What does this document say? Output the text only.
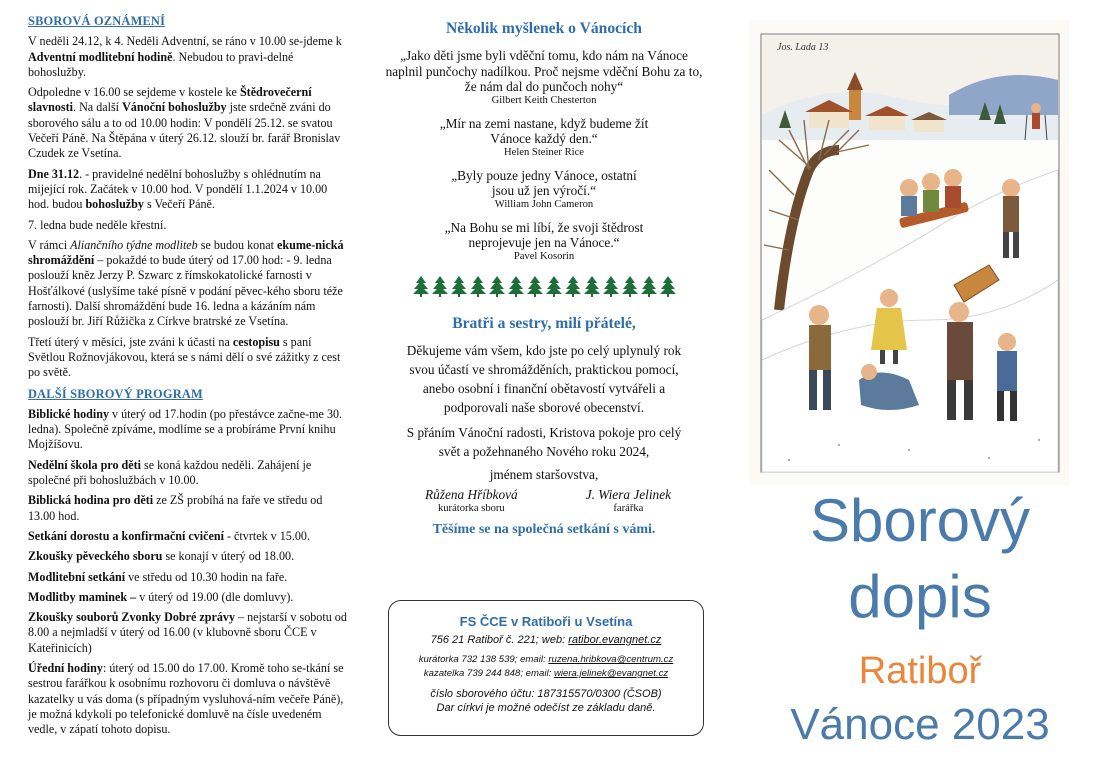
SBOROVÁ OZNÁMENÍ

V neděli 24.12, k 4. Neděli Adventní, se ráno v 10.00 se-jdeme k Adventní modlitební hodině. Nebudou to pravi-delné bohoslužby.

Odpoledne v 16.00 se sejdeme v kostele ke Štědrovečerní slavnosti. Na další Vánoční bohoslužby jste srdečně zváni do sborového sálu a to od 10.00 hodin: V pondělí 25.12. se svatou Večeří Páně. Na Štěpána v úterý 26.12. slouží br. farář Bronislav Czudek ze Vsetína.

Dne 31.12. - pravidelné nedělní bohoslužby s ohlédnutím na mijející rok. Začátek v 10.00 hod. V pondělí 1.1.2024 v 10.00 hod. budou bohoslužby s Večeří Páně.

7. ledna bude neděle křestní.

V rámci Aliančního týdne modliteb se budou konat ekume-nická shromáždění – pokaždé to bude úterý od 17.00 hod: - 9. ledna poslouží kněz Jerzy P. Szwarc z římskokatolické farnosti v Hošťálkové (uslyšíme také písně v podání pěvec-kého sboru téže farnosti). Další shromáždění bude 16. ledna a kázáním nám poslouží br. Jiří Růžička z Církve bratrské ze Vsetína.

Třetí úterý v měsíci, jste zváni k účasti na cestopisu s paní Světlou Rožnovjákovou, která se s námi dělí o své zážitky z cest po světě.

DALŠÍ SBOROVÝ PROGRAM

Biblické hodiny v úterý od 17.hodin (po přestávce začne-me 30. ledna). Společně zpíváme, modlíme se a probíráme První knihu Mojžíšovu.

Nedělní škola pro děti se koná každou neděli. Zahájení je společné při bohoslužbách v 10.00.

Biblická hodina pro děti ze ZŠ probíhá na faře ve středu od 13.00 hod.

Setkání dorostu a konfirmační cvičení - čtvrtek v 15.00.

Zkoušky pěveckého sboru se konají v úterý od 18.00.

Modlitební setkání ve středu od 10.30 hodin na faře.

Modlitby maminek – v úterý od 19.00 (dle domluvy).

Zkoušky souborů Zvonky Dobré zprávy – nejstarší v sobotu od 8.00 a nejmladší v úterý od 16.00 (v klubovně sboru ČCE v Kateřinicích)

Úřední hodiny: úterý od 15.00 do 17.00. Kromě toho se-tkání se sestrou farářkou k osobnímu rozhovoru či domluva o návštěvě kazatelky u vás doma (s případným vysluhová-ním večeře Páně), je možná kdykoli po telefonické domluvě na čísle uvedeném vedle, v zápatí tohoto dopisu.

Několik myšlenek o Vánocích
„Jako děti jsme byli vděční tomu, kdo nám na Vánoce naplnil punčochy nadílkou. Proč nejsme vděční Bohu za to, že nám dal do punčoch nohy“
Gilbert Keith Chesterton
„Mír na zemi nastane, když budeme žít Vánoce každý den.“
Helen Steiner Rice
„Byly pouze jedny Vánoce, ostatní jsou už jen výročí.“
William John Cameron
„Na Bohu se mi líbí, že svoji štědrost neprojevuje jen na Vánoce.“
Pavel Kosorin
Bratři a sestry, milí přátelé,

Děkujeme vám všem, kdo jste po celý uplynulý rok svou účastí ve shromážděních, praktickou pomocí, anebo osobní i finanční obětavostí vytvářeli a podporovali naše sborové obecenství.

S přáním Vánoční radosti, Kristova pokoje pro celý svět a požehnaného Nového roku 2024,

jménem staršovstva,

Růžena Hříbková
kurátorka sboru
J. Wiera Jelinek
farářka

Těšíme se na společná setkání s vámi.

FS ČCE v Ratiboři u Vsetína

756 21 Ratiboř č. 221; web: ratibor.evangnet.cz

kurátorka 732 138 539; email: ruzena.hribkova@centrum.cz

kazatelka 739 244 848; email: wiera.jelinek@evangnet.cz

číslo sborového účtu: 187315570/0300 (ČSOB)

Dar církvi je možné odečíst ze základu daně.

Jos. Lada 13
Sborový
dopis
Ratiboř
Vánoce 2023
